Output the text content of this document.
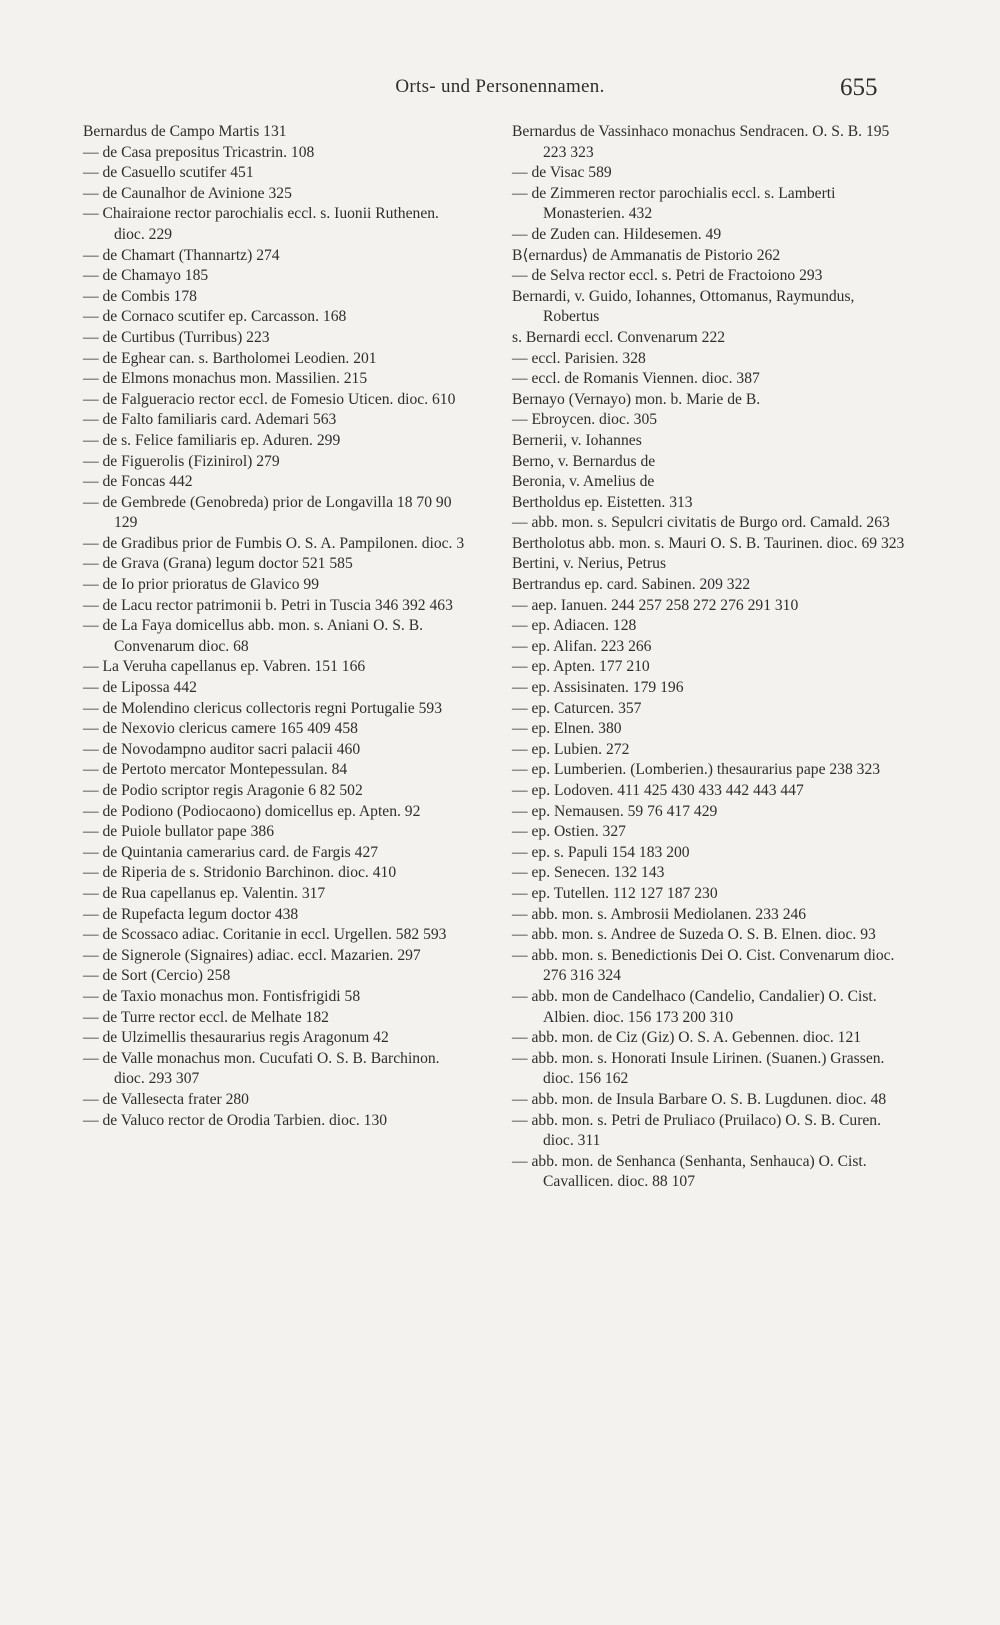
Orts- und Personennamen.	655
Bernardus de Campo Martis 131
— de Casa prepositus Tricastrin. 108
— de Casuello scutifer 451
— de Caunalhor de Avinione 325
— Chairaione rector parochialis eccl. s. Iuonii Ruthenen. dioc. 229
— de Chamart (Thannartz) 274
— de Chamayo 185
— de Combis 178
— de Cornaco scutifer ep. Carcasson. 168
— de Curtibus (Turribus) 223
— de Eghear can. s. Bartholomei Leodien. 201
— de Elmons monachus mon. Massilien. 215
— de Falgueracio rector eccl. de Fomesio Uticen. dioc. 610
— de Falto familiaris card. Ademari 563
— de s. Felice familiaris ep. Aduren. 299
— de Figuerolis (Fizinirol) 279
— de Foncas 442
— de Gembrede (Genobreda) prior de Longavilla 18 70 90 129
— de Gradibus prior de Fumbis O. S. A. Pampilonen. dioc. 3
— de Grava (Grana) legum doctor 521 585
— de Io prior prioratus de Glavico 99
— de Lacu rector patrimonii b. Petri in Tuscia 346 392 463
— de La Faya domicellus abb. mon. s. Aniani O. S. B. Convenarum dioc. 68
— La Veruha capellanus ep. Vabren. 151 166
— de Lipossa 442
— de Molendino clericus collectoris regni Portugalie 593
— de Nexovio clericus camere 165 409 458
— de Novodampno auditor sacri palacii 460
— de Pertoto mercator Montepessulan. 84
— de Podio scriptor regis Aragonie 6 82 502
— de Podiono (Podiocaono) domicellus ep. Apten. 92
— de Puiole bullator pape 386
— de Quintania camerarius card. de Fargis 427
— de Riperia de s. Stridonio Barchinon. dioc. 410
— de Rua capellanus ep. Valentin. 317
— de Rupefacta legum doctor 438
— de Scossaco adiac. Coritanie in eccl. Urgellen. 582 593
— de Signerole (Signaires) adiac. eccl. Mazarien. 297
— de Sort (Cercio) 258
— de Taxio monachus mon. Fontisfrigidi 58
— de Turre rector eccl. de Melhate 182
— de Ulzimellis thesaurarius regis Aragonum 42
— de Valle monachus mon. Cucufati O. S. B. Barchinon. dioc. 293 307
— de Vallesecta frater 280
— de Valuco rector de Orodia Tarbien. dioc. 130
Bernardus de Vassinhaco monachus Sendracen. O. S. B. 195 223 323
— de Visac 589
— de Zimmeren rector parochialis eccl. s. Lamberti Monasterien. 432
— de Zuden can. Hildesemen. 49
B⟨ernardus⟩ de Ammanatis de Pistorio 262
— de Selva rector eccl. s. Petri de Fractoiono 293
Bernardi, v. Guido, Iohannes, Ottomanus, Raymundus, Robertus
s. Bernardi eccl. Convenarum 222
— eccl. Parisien. 328
— eccl. de Romanis Viennen. dioc. 387
Bernayo (Vernayo) mon. b. Marie de B.
— Ebroycen. dioc. 305
Bernerii, v. Iohannes
Berno, v. Bernardus de
Beronia, v. Amelius de
Bertholdus ep. Eistetten. 313
— abb. mon. s. Sepulcri civitatis de Burgo ord. Camald. 263
Bertholotus abb. mon. s. Mauri O. S. B. Taurinen. dioc. 69 323
Bertini, v. Nerius, Petrus
Bertrandus ep. card. Sabinen. 209 322
— aep. Ianuen. 244 257 258 272 276 291 310
— ep. Adiacen. 128
— ep. Alifan. 223 266
— ep. Apten. 177 210
— ep. Assisinaten. 179 196
— ep. Caturcen. 357
— ep. Elnen. 380
— ep. Lubien. 272
— ep. Lumberien. (Lomberien.) thesaurarius pape 238 323
— ep. Lodoven. 411 425 430 433 442 443 447
— ep. Nemausen. 59 76 417 429
— ep. Ostien. 327
— ep. s. Papuli 154 183 200
— ep. Senecen. 132 143
— ep. Tutellen. 112 127 187 230
— abb. mon. s. Ambrosii Mediolanen. 233 246
— abb. mon. s. Andree de Suzeda O. S. B. Elnen. dioc. 93
— abb. mon. s. Benedictionis Dei O. Cist. Convenarum dioc. 276 316 324
— abb. mon de Candelhaco (Candelio, Candalier) O. Cist. Albien. dioc. 156 173 200 310
— abb. mon. de Ciz (Giz) O. S. A. Gebennen. dioc. 121
— abb. mon. s. Honorati Insule Lirinen. (Suanen.) Grassen. dioc. 156 162
— abb. mon. de Insula Barbare O. S. B. Lugdunen. dioc. 48
— abb. mon. s. Petri de Pruliaco (Pruilaco) O. S. B. Curen. dioc. 311
— abb. mon. de Senhanca (Senhanta, Senhauca) O. Cist. Cavallicen. dioc. 88 107
